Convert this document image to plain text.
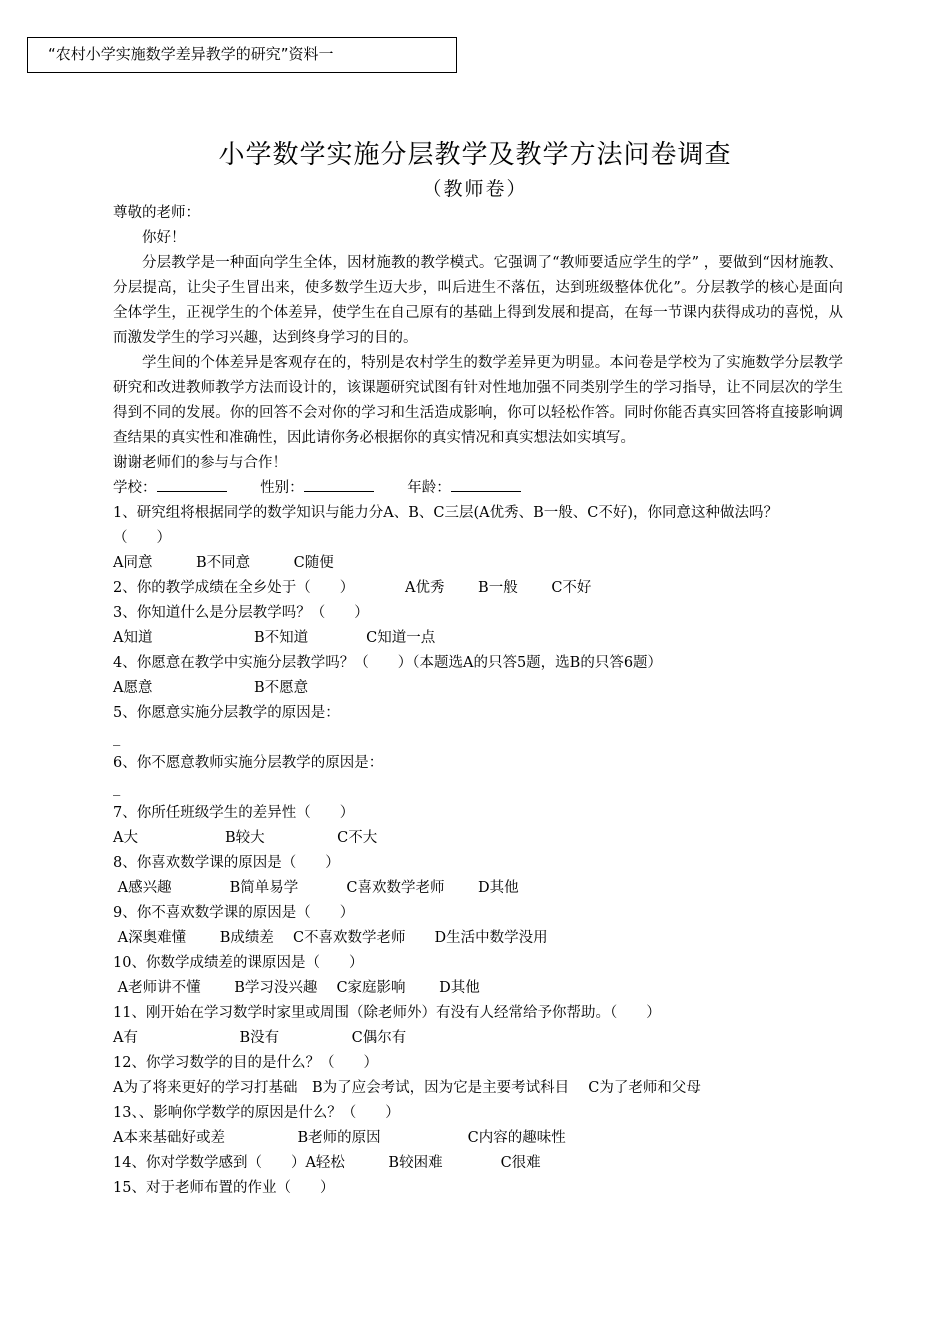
“农村小学实施数学差异教学的研究”资料一
小学数学实施分层教学及教学方法问卷调查
（教师卷）
尊敬的老师：
你好！
分层教学是一种面向学生全体，因材施教的教学模式。它强调了“教师要适应学生的学” ，要做到“因材施教、分层提高，让尖子生冒出来，使多数学生迈大步，叫后进生不落伍，达到班级整体优化”。分层教学的核心是面向全体学生，正视学生的个体差异，使学生在自己原有的基础上得到发展和提高，在每一节课内获得成功的喜悦，从而激发学生的学习兴趣，达到终身学习的目的。
学生间的个体差异是客观存在的，特别是农村学生的数学差异更为明显。本问卷是学校为了实施数学分层教学研究和改进教师教学方法而设计的，该课题研究试图有针对性地加强不同类别学生的学习指导，让不同层次的学生得到不同的发展。你的回答不会对你的学习和生活造成影响，你可以轻松作答。同时你能否真实回答将直接影响调查结果的真实性和准确性，因此请你务必根据你的真实情况和真实想法如实填写。
谢谢老师们的参与与合作！
学校：　　	性别：　　	年龄：
1、研究组将根据同学的数学知识与能力分A、B、C三层(A优秀、B一般、C不好)，你同意这种做法吗？
（　　）
A同意　　　B不同意　　　C随便
2、你的教学成绩在全乡处于（　　）　　　　A优秀　　 B一般　　 C不好
3、你知道什么是分层教学吗？（　　）
A知道　　　　　　　B不知道　　　　C知道一点
4、你愿意在教学中实施分层教学吗？（　　）（本题选A的只答5题，选B的只答6题）
A愿意　　　　　　　B不愿意
5、你愿意实施分层教学的原因是：
_
6、你不愿意教师实施分层教学的原因是：
_
7、你所任班级学生的差异性（　　）
A大　　　　　　B较大　　　　　C不大
8、你喜欢数学课的原因是（　　）
A感兴趣　　　　B简单易学　　　 C喜欢数学老师　　 D其他
9、你不喜欢数学课的原因是（　　）
A深奥难懂　　 B成绩差　 C不喜欢数学老师　　D生活中数学没用
10、你数学成绩差的课原因是（　　）
A老师讲不懂　　 B学习没兴趣　 C家庭影响　　 D其他
11、刚开始在学习数学时家里或周围（除老师外）有没有人经常给予你帮助。（　　）
A有　　　　　　　B没有　　　　　C偶尔有
12、你学习数学的目的是什么？（　　）
A为了将来更好的学习打基础　B为了应会考试，因为它是主要考试科目　 C为了老师和父母
13、、影响你学数学的原因是什么？（　　）
A本来基础好或差　　　　　B老师的原因　　　　　　C内容的趣味性
14、你对学数学感到（　　）A轻松　　　B较困难　　　　C很难
15、对于老师布置的作业（　　）
